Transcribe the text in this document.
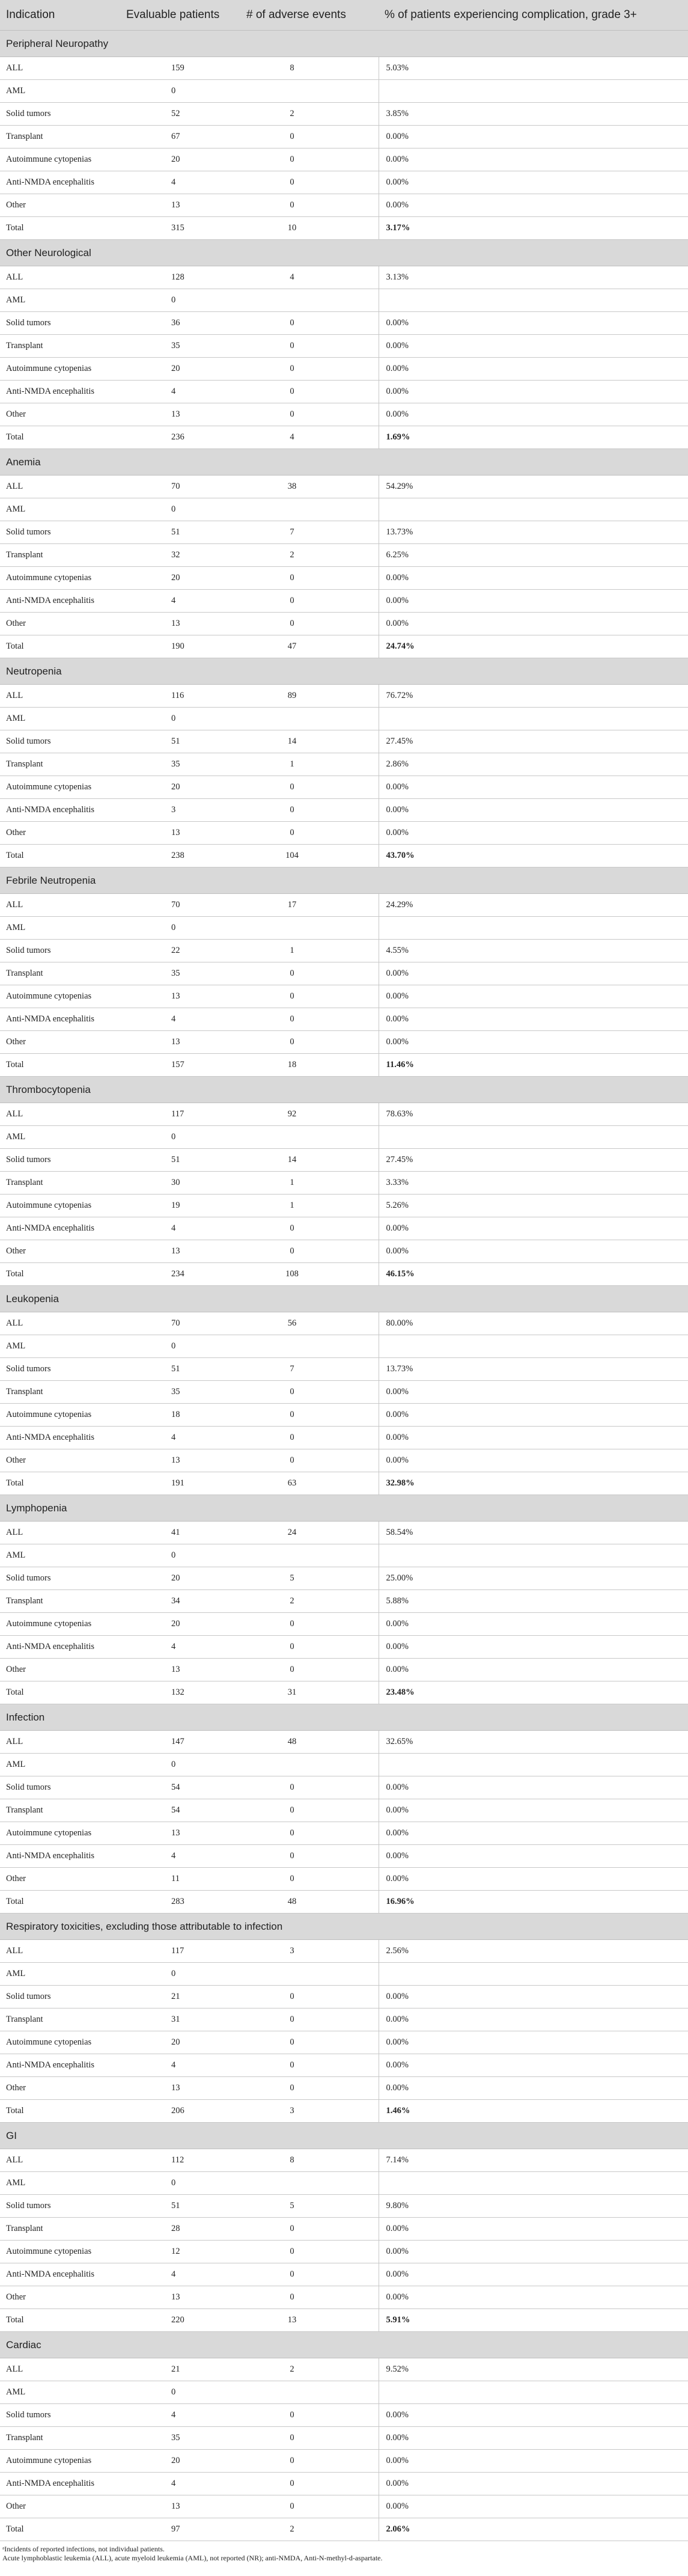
Indication	Evaluable patients	# of adverse events	% of patients experiencing complication, grade 3+
Peripheral Neuropathy			
ALL	159	8	5.03%
AML	0		
Solid tumors	52	2	3.85%
Transplant	67	0	0.00%
Autoimmune cytopenias	20	0	0.00%
Anti-NMDA encephalitis	4	0	0.00%
Other	13	0	0.00%
Total	315	10	3.17%
Other Neurological			
ALL	128	4	3.13%
AML	0		
Solid tumors	36	0	0.00%
Transplant	35	0	0.00%
Autoimmune cytopenias	20	0	0.00%
Anti-NMDA encephalitis	4	0	0.00%
Other	13	0	0.00%
Total	236	4	1.69%
Anemia			
ALL	70	38	54.29%
AML	0		
Solid tumors	51	7	13.73%
Transplant	32	2	6.25%
Autoimmune cytopenias	20	0	0.00%
Anti-NMDA encephalitis	4	0	0.00%
Other	13	0	0.00%
Total	190	47	24.74%
Neutropenia			
ALL	116	89	76.72%
AML	0		
Solid tumors	51	14	27.45%
Transplant	35	1	2.86%
Autoimmune cytopenias	20	0	0.00%
Anti-NMDA encephalitis	3	0	0.00%
Other	13	0	0.00%
Total	238	104	43.70%
Febrile Neutropenia			
ALL	70	17	24.29%
AML	0		
Solid tumors	22	1	4.55%
Transplant	35	0	0.00%
Autoimmune cytopenias	13	0	0.00%
Anti-NMDA encephalitis	4	0	0.00%
Other	13	0	0.00%
Total	157	18	11.46%
Thrombocytopenia			
ALL	117	92	78.63%
AML	0		
Solid tumors	51	14	27.45%
Transplant	30	1	3.33%
Autoimmune cytopenias	19	1	5.26%
Anti-NMDA encephalitis	4	0	0.00%
Other	13	0	0.00%
Total	234	108	46.15%
Leukopenia			
ALL	70	56	80.00%
AML	0		
Solid tumors	51	7	13.73%
Transplant	35	0	0.00%
Autoimmune cytopenias	18	0	0.00%
Anti-NMDA encephalitis	4	0	0.00%
Other	13	0	0.00%
Total	191	63	32.98%
Lymphopenia			
ALL	41	24	58.54%
AML	0		
Solid tumors	20	5	25.00%
Transplant	34	2	5.88%
Autoimmune cytopenias	20	0	0.00%
Anti-NMDA encephalitis	4	0	0.00%
Other	13	0	0.00%
Total	132	31	23.48%
Infection			
ALL	147	48	32.65%
AML	0		
Solid tumors	54	0	0.00%
Transplant	54	0	0.00%
Autoimmune cytopenias	13	0	0.00%
Anti-NMDA encephalitis	4	0	0.00%
Other	11	0	0.00%
Total	283	48	16.96%
Respiratory toxicities, excluding those attributable to infection			
ALL	117	3	2.56%
AML	0		
Solid tumors	21	0	0.00%
Transplant	31	0	0.00%
Autoimmune cytopenias	20	0	0.00%
Anti-NMDA encephalitis	4	0	0.00%
Other	13	0	0.00%
Total	206	3	1.46%
GI			
ALL	112	8	7.14%
AML	0		
Solid tumors	51	5	9.80%
Transplant	28	0	0.00%
Autoimmune cytopenias	12	0	0.00%
Anti-NMDA encephalitis	4	0	0.00%
Other	13	0	0.00%
Total	220	13	5.91%
Cardiac			
ALL	21	2	9.52%
AML	0		
Solid tumors	4	0	0.00%
Transplant	35	0	0.00%
Autoimmune cytopenias	20	0	0.00%
Anti-NMDA encephalitis	4	0	0.00%
Other	13	0	0.00%
Total	97	2	2.06%
ᵃIncidents of reported infections, not individual patients.
Acute lymphoblastic leukemia (ALL), acute myeloid leukemia (AML), not reported (NR); anti-NMDA, Anti-N-methyl-d-aspartate.
